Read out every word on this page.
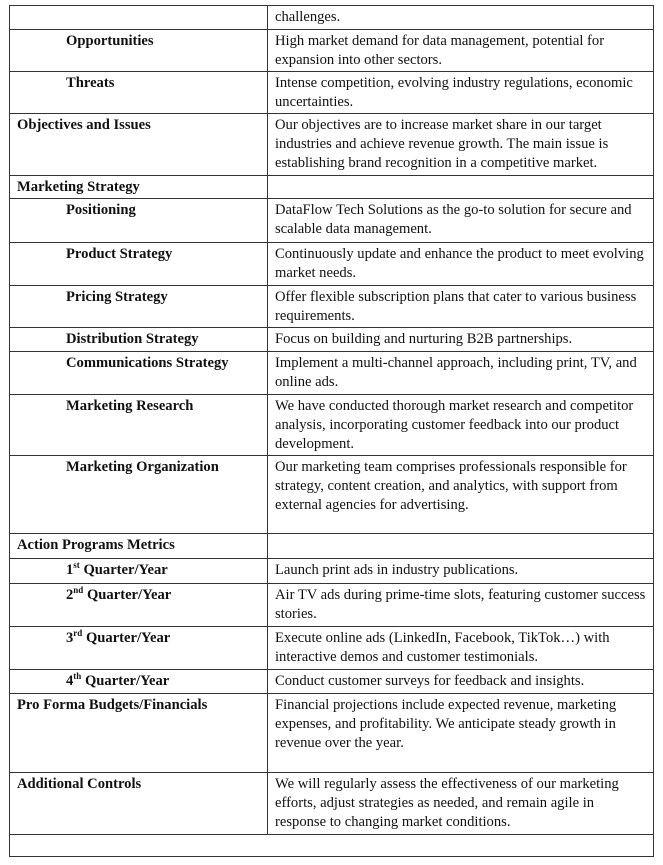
	challenges.
Opportunities	High market demand for data management, potential for expansion into other sectors.
Threats	Intense competition, evolving industry regulations, economic uncertainties.
Objectives and Issues	Our objectives are to increase market share in our target industries and achieve revenue growth. The main issue is establishing brand recognition in a competitive market.
Marketing Strategy	
Positioning	DataFlow Tech Solutions as the go-to solution for secure and scalable data management.
Product Strategy	Continuously update and enhance the product to meet evolving market needs.
Pricing Strategy	Offer flexible subscription plans that cater to various business requirements.
Distribution Strategy	Focus on building and nurturing B2B partnerships.
Communications Strategy	Implement a multi-channel approach, including print, TV, and online ads.
Marketing Research	We have conducted thorough market research and competitor analysis, incorporating customer feedback into our product development.
Marketing Organization	Our marketing team comprises professionals responsible for strategy, content creation, and analytics, with support from external agencies for advertising.
Action Programs Metrics	
1st Quarter/Year	Launch print ads in industry publications.
2nd Quarter/Year	Air TV ads during prime-time slots, featuring customer success stories.
3rd Quarter/Year	Execute online ads (LinkedIn, Facebook, TikTok…) with interactive demos and customer testimonials.
4th Quarter/Year	Conduct customer surveys for feedback and insights.
Pro Forma Budgets/Financials	Financial projections include expected revenue, marketing expenses, and profitability. We anticipate steady growth in revenue over the year.
Additional Controls	We will regularly assess the effectiveness of our marketing efforts, adjust strategies as needed, and remain agile in response to changing market conditions.
